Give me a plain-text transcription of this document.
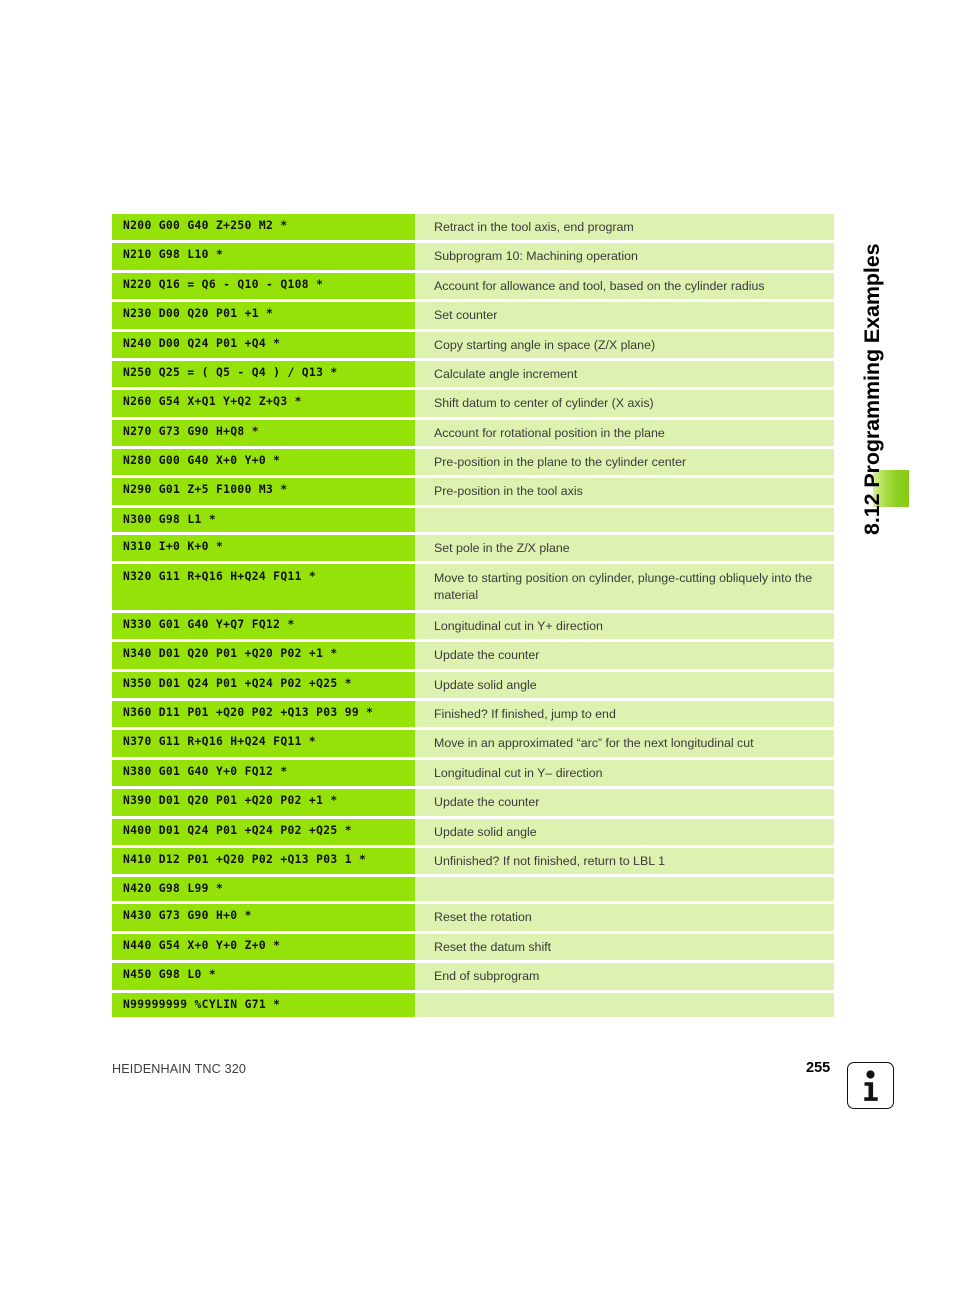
8.12 Programming Examples
N200 G00 G40 Z+250 M2 *	Retract in the tool axis, end program
N210 G98 L10 *	Subprogram 10: Machining operation
N220 Q16 = Q6 - Q10 - Q108 *	Account for allowance and tool, based on the cylinder radius
N230 D00 Q20 P01 +1 *	Set counter
N240 D00 Q24 P01 +Q4 *	Copy starting angle in space (Z/X plane)
N250 Q25 = ( Q5 - Q4 ) / Q13 *	Calculate angle increment
N260 G54 X+Q1 Y+Q2 Z+Q3 *	Shift datum to center of cylinder (X axis)
N270 G73 G90 H+Q8 *	Account for rotational position in the plane
N280 G00 G40 X+0 Y+0 *	Pre-position in the plane to the cylinder center
N290 G01 Z+5 F1000 M3 *	Pre-position in the tool axis
N300 G98 L1 *
N310 I+0 K+0 *	Set pole in the Z/X plane
N320 G11 R+Q16 H+Q24 FQ11 *	Move to starting position on cylinder, plunge-cutting obliquely into the material
N330 G01 G40 Y+Q7 FQ12 *	Longitudinal cut in Y+ direction
N340 D01 Q20 P01 +Q20 P02 +1 *	Update the counter
N350 D01 Q24 P01 +Q24 P02 +Q25 *	Update solid angle
N360 D11 P01 +Q20 P02 +Q13 P03 99 *	Finished? If finished, jump to end
N370 G11 R+Q16 H+Q24 FQ11 *	Move in an approximated “arc” for the next longitudinal cut
N380 G01 G40 Y+0 FQ12 *	Longitudinal cut in Y– direction
N390 D01 Q20 P01 +Q20 P02 +1 *	Update the counter
N400 D01 Q24 P01 +Q24 P02 +Q25 *	Update solid angle
N410 D12 P01 +Q20 P02 +Q13 P03 1 *	Unfinished? If not finished, return to LBL 1
N420 G98 L99 *
N430 G73 G90 H+0 *	Reset the rotation
N440 G54 X+0 Y+0 Z+0 *	Reset the datum shift
N450 G98 L0 *	End of subprogram
N99999999 %CYLIN G71 *
HEIDENHAIN TNC 320	255
